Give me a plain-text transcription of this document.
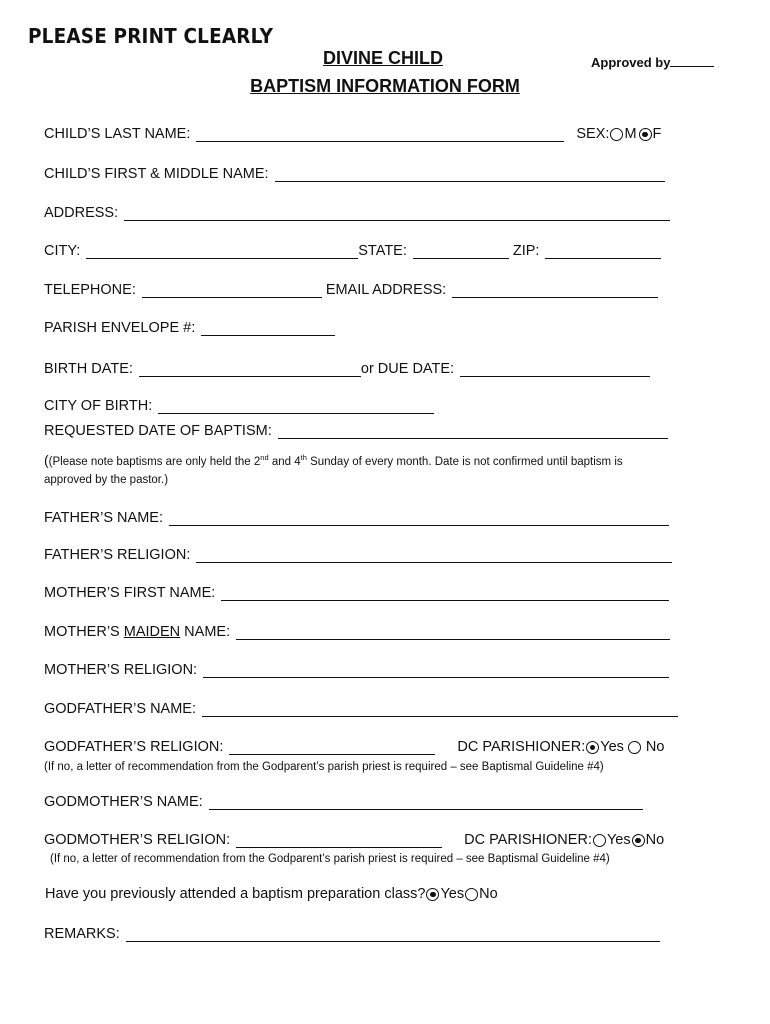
PLEASE PRINT CLEARLY
DIVINE CHILD
BAPTISM INFORMATION FORM
Approved by
CHILD’S LAST NAME:	SEX: M F
CHILD’S FIRST & MIDDLE NAME:
ADDRESS:
CITY:	STATE:	ZIP:
TELEPHONE:	EMAIL ADDRESS:
PARISH ENVELOPE #:
BIRTH DATE:	or DUE DATE:
CITY OF BIRTH:
REQUESTED DATE OF BAPTISM:
((Please note baptisms are only held the 2nd and 4th Sunday of every month. Date is not confirmed until baptism is
approved by the pastor.)
FATHER’S NAME:
FATHER’S RELIGION:
MOTHER’S FIRST NAME:
MOTHER’S MAIDEN NAME:
MOTHER’S RELIGION:
GODFATHER’S NAME:
GODFATHER’S RELIGION:	DC PARISHIONER: Yes No
(If no, a letter of recommendation from the Godparent’s parish priest is required – see Baptismal Guideline #4)
GODMOTHER’S NAME:
GODMOTHER’S RELIGION:	DC PARISHIONER: Yes No
(If no, a letter of recommendation from the Godparent’s parish priest is required – see Baptismal Guideline #4)
Have you previously attended a baptism preparation class? Yes No
REMARKS:
